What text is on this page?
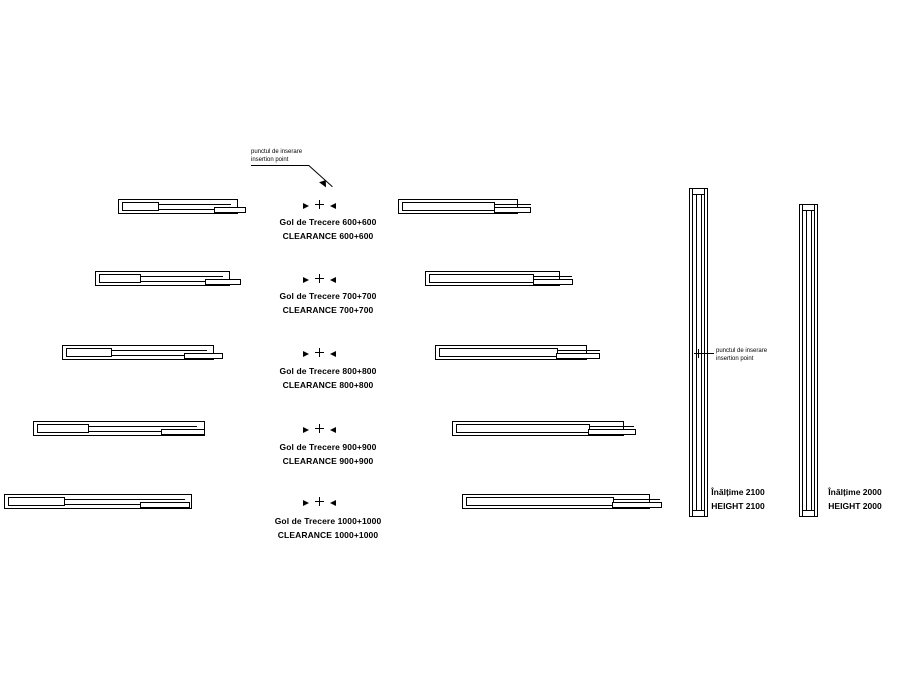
punctul de inserare
insertion point
Gol de Trecere 600+600
CLEARANCE 600+600
Gol de Trecere 700+700
CLEARANCE 700+700
Gol de Trecere 800+800
CLEARANCE 800+800
Gol de Trecere 900+900
CLEARANCE 900+900
Gol de Trecere 1000+1000
CLEARANCE 1000+1000
punctul de inserare
insertion point
Înălțime 2100
HEIGHT 2100
Înălțime 2000
HEIGHT 2000
